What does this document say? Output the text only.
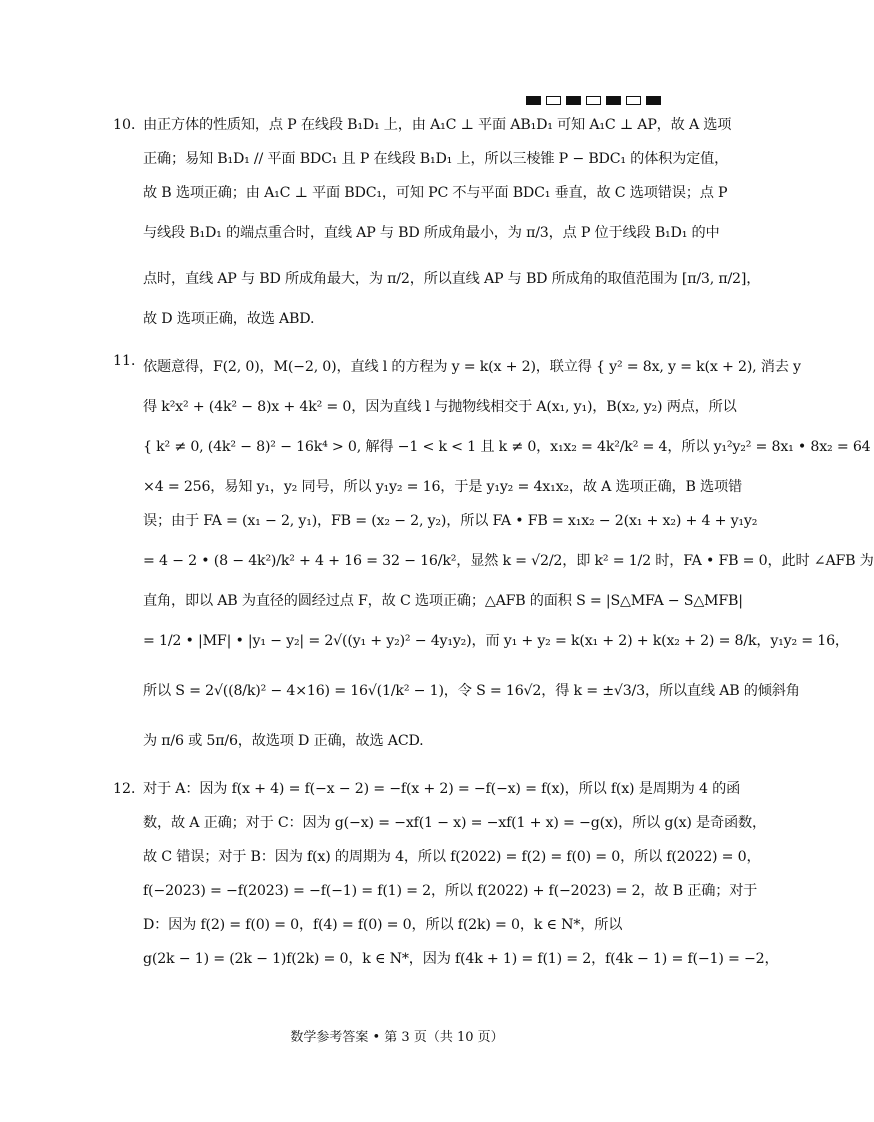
10．
由正方体的性质知，点 P 在线段 B₁D₁ 上，由 A₁C ⊥ 平面 AB₁D₁ 可知 A₁C ⊥ AP，故 A 选项
正确；易知 B₁D₁ // 平面 BDC₁ 且 P 在线段 B₁D₁ 上，所以三棱锥 P − BDC₁ 的体积为定值，
故 B 选项正确；由 A₁C ⊥ 平面 BDC₁，可知 PC 不与平面 BDC₁ 垂直，故 C 选项错误；点 P
与线段 B₁D₁ 的端点重合时，直线 AP 与 BD 所成角最小，为 π/3，点 P 位于线段 B₁D₁ 的中
点时，直线 AP 与 BD 所成角最大，为 π/2，所以直线 AP 与 BD 所成角的取值范围为 [π/3, π/2]，
故 D 选项正确，故选 ABD.
11．
依题意得，F(2, 0)，M(−2, 0)，直线 l 的方程为 y = k(x + 2)，联立得 { y² = 8x, y = k(x + 2), 消去 y
得 k²x² + (4k² − 8)x + 4k² = 0，因为直线 l 与抛物线相交于 A(x₁, y₁)，B(x₂, y₂) 两点，所以
{ k² ≠ 0, (4k² − 8)² − 16k⁴ > 0, 解得 −1 < k < 1 且 k ≠ 0，x₁x₂ = 4k²/k² = 4，所以 y₁²y₂² = 8x₁ • 8x₂ = 64
×4 = 256，易知 y₁，y₂ 同号，所以 y₁y₂ = 16，于是 y₁y₂ = 4x₁x₂，故 A 选项正确，B 选项错
误；由于 FA = (x₁ − 2, y₁)，FB = (x₂ − 2, y₂)，所以 FA • FB = x₁x₂ − 2(x₁ + x₂) + 4 + y₁y₂
= 4 − 2 • (8 − 4k²)/k² + 4 + 16 = 32 − 16/k²，显然 k = √2/2，即 k² = 1/2 时，FA • FB = 0，此时 ∠AFB 为
直角，即以 AB 为直径的圆经过点 F，故 C 选项正确；△AFB 的面积 S = |S△MFA − S△MFB|
= 1/2 • |MF| • |y₁ − y₂| = 2√((y₁ + y₂)² − 4y₁y₂)，而 y₁ + y₂ = k(x₁ + 2) + k(x₂ + 2) = 8/k，y₁y₂ = 16，
所以 S = 2√((8/k)² − 4×16) = 16√(1/k² − 1)，令 S = 16√2，得 k = ±√3/3，所以直线 AB 的倾斜角
为 π/6 或 5π/6，故选项 D 正确，故选 ACD.
12．
对于 A：因为 f(x + 4) = f(−x − 2) = −f(x + 2) = −f(−x) = f(x)，所以 f(x) 是周期为 4 的函
数，故 A 正确；对于 C：因为 g(−x) = −xf(1 − x) = −xf(1 + x) = −g(x)，所以 g(x) 是奇函数，
故 C 错误；对于 B：因为 f(x) 的周期为 4，所以 f(2022) = f(2) = f(0) = 0，所以 f(2022) = 0，
f(−2023) = −f(2023) = −f(−1) = f(1) = 2，所以 f(2022) + f(−2023) = 2，故 B 正确；对于
D：因为 f(2) = f(0) = 0，f(4) = f(0) = 0，所以 f(2k) = 0，k ∈ N*，所以
g(2k − 1) = (2k − 1)f(2k) = 0，k ∈ N*，因为 f(4k + 1) = f(1) = 2，f(4k − 1) = f(−1) = −2，
数学参考答案 • 第 3 页（共 10 页）
